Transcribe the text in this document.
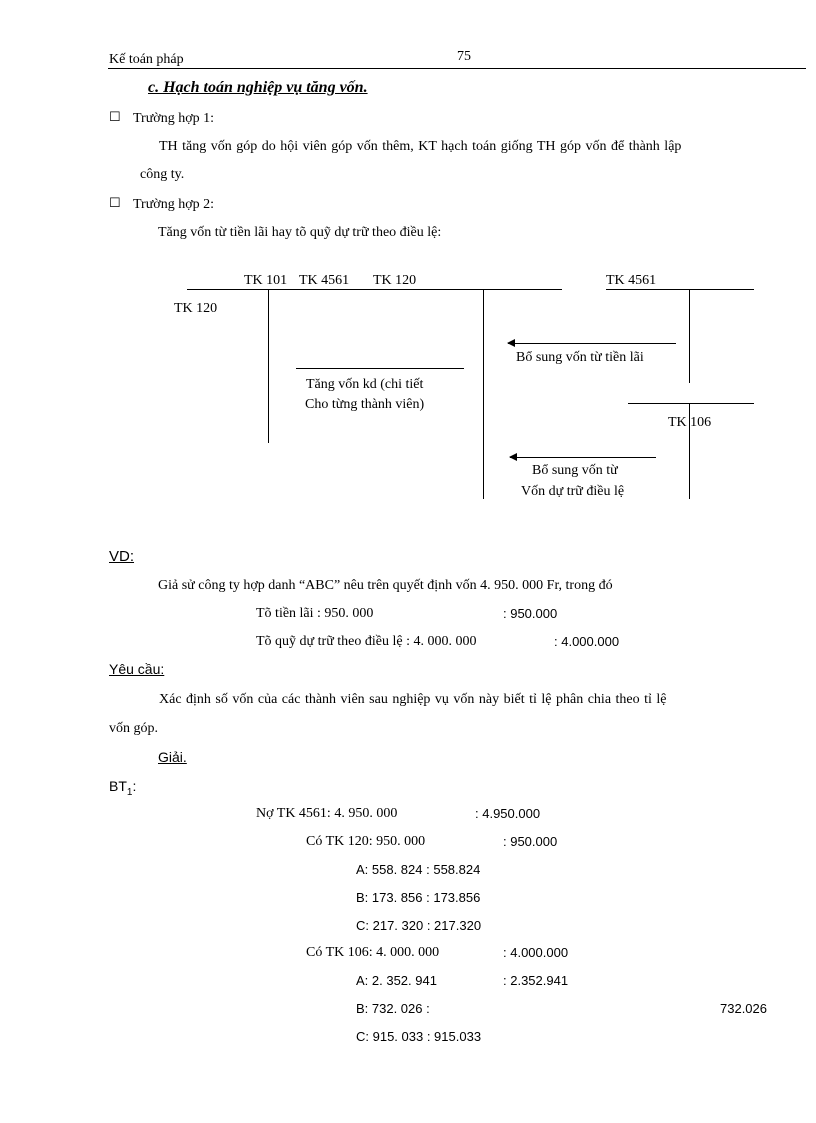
Kế toán pháp	75
c. Hạch toán nghiệp vụ tăng vốn.
☐ Trường hợp 1:
TH tăng vốn góp do hội viên góp vốn thêm, KT hạch toán giống TH góp vốn để thành lập
công ty.
☐ Trường hợp 2:
Tăng vốn từ tiền lãi hay tõ quỹ dự trữ theo điều lệ:
TK 101 TK 4561 TK 120	TK 4561
TK 120
Bổ sung vốn từ tiền lãi
Tăng vốn kd (chi tiết
Cho từng thành viên)
TK 106
Bổ sung vốn từ
Vốn dự trữ điều lệ
VD:
Giả sử công ty hợp danh “ABC” nêu trên quyết định vốn 4. 950. 000 Fr, trong đó
Tõ tiền lãi : 950. 000	: 950.000
Tõ quỹ dự trữ theo điều lệ : 4. 000. 000	: 4.000.000
Yêu cầu:
Xác định số vốn của các thành viên sau nghiệp vụ vốn này biết tỉ lệ phân chia theo tỉ lệ
vốn góp.
Giải.
$BT_1$:
Nợ TK 4561: 4. 950. 000	: 4.950.000
Có TK 120: 950. 000	: 950.000
A: 558. 824 : 558.824
B: 173. 856 : 173.856
C: 217. 320 : 217.320
Có TK 106: 4. 000. 000	: 4.000.000
A: 2. 352. 941	: 2.352.941
B: 732. 026 :	732.026
C: 915. 033 : 915.033
